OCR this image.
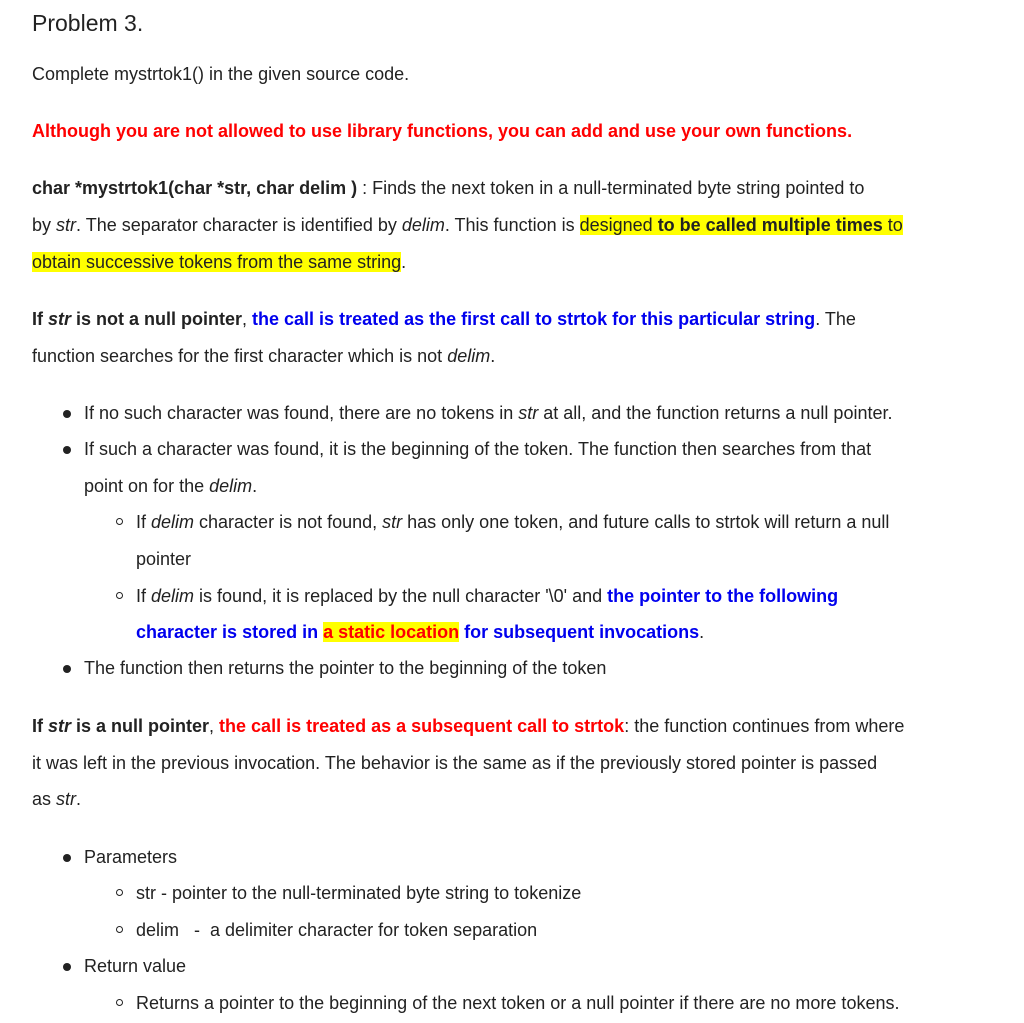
Problem 3.
Complete mystrtok1() in the given source code.
Although you are not allowed to use library functions, you can add and use your own functions.
char *mystrtok1(char *str, char delim ) : Finds the next token in a null-terminated byte string pointed to
by str. The separator character is identified by delim. This function is designed to be called multiple times to
obtain successive tokens from the same string.
If str is not a null pointer, the call is treated as the first call to strtok for this particular string. The
function searches for the first character which is not delim.
If no such character was found, there are no tokens in str at all, and the function returns a null pointer.
If such a character was found, it is the beginning of the token. The function then searches from that
point on for the delim.
If delim character is not found, str has only one token, and future calls to strtok will return a null
pointer
If delim is found, it is replaced by the null character '\0' and the pointer to the following
character is stored in a static location for subsequent invocations.
The function then returns the pointer to the beginning of the token
If str is a null pointer, the call is treated as a subsequent call to strtok: the function continues from where
it was left in the previous invocation. The behavior is the same as if the previously stored pointer is passed
as str.
Parameters
str - pointer to the null-terminated byte string to tokenize
delim   -  a delimiter character for token separation
Return value
Returns a pointer to the beginning of the next token or a null pointer if there are no more tokens.
